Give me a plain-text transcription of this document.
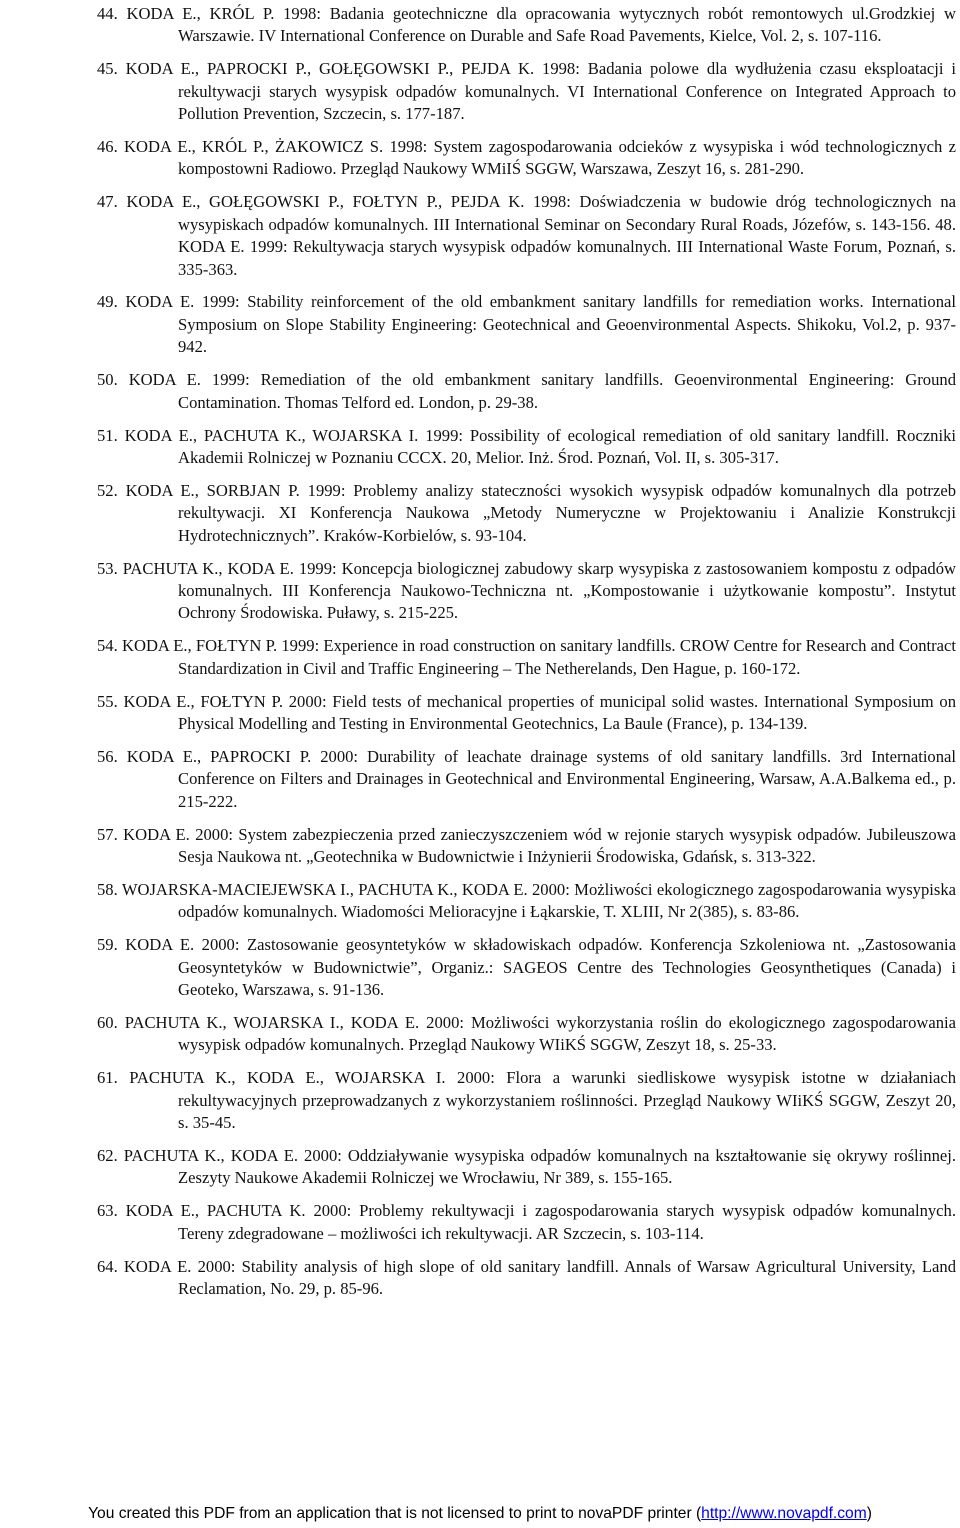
44. KODA E., KRÓL P. 1998: Badania geotechniczne dla opracowania wytycznych robót remontowych ul.Grodzkiej w Warszawie. IV International Conference on Durable and Safe Road Pavements, Kielce, Vol. 2, s. 107-116.
45. KODA E., PAPROCKI P., GOŁĘGOWSKI P., PEJDA K. 1998: Badania polowe dla wydłużenia czasu eksploatacji i rekultywacji starych wysypisk odpadów komunalnych. VI International Conference on Integrated Approach to Pollution Prevention, Szczecin, s. 177-187.
46. KODA E., KRÓL P., ŻAKOWICZ S. 1998: System zagospodarowania odcieków z wysypiska i wód technologicznych z kompostowni Radiowo. Przegląd Naukowy WMiIŚ SGGW, Warszawa, Zeszyt 16, s. 281-290.
47. KODA E., GOŁĘGOWSKI P., FOŁTYN P., PEJDA K. 1998: Doświadczenia w budowie dróg technologicznych na wysypiskach odpadów komunalnych. III International Seminar on Secondary Rural Roads, Józefów, s. 143-156. 48. KODA E. 1999: Rekultywacja starych wysypisk odpadów komunalnych. III International Waste Forum, Poznań, s. 335-363.
49. KODA E. 1999: Stability reinforcement of the old embankment sanitary landfills for remediation works. International Symposium on Slope Stability Engineering: Geotechnical and Geoenvironmental Aspects. Shikoku, Vol.2, p. 937-942.
50. KODA E. 1999: Remediation of the old embankment sanitary landfills. Geoenvironmental Engineering: Ground Contamination. Thomas Telford ed. London, p. 29-38.
51. KODA E., PACHUTA K., WOJARSKA I. 1999: Possibility of ecological remediation of old sanitary landfill. Roczniki Akademii Rolniczej w Poznaniu CCCX. 20, Melior. Inż. Środ. Poznań, Vol. II, s. 305-317.
52. KODA E., SORBJAN P. 1999: Problemy analizy stateczności wysokich wysypisk odpadów komunalnych dla potrzeb rekultywacji. XI Konferencja Naukowa „Metody Numeryczne w Projektowaniu i Analizie Konstrukcji Hydrotechnicznych”. Kraków-Korbielów, s. 93-104.
53. PACHUTA K., KODA E. 1999: Koncepcja biologicznej zabudowy skarp wysypiska z zastosowaniem kompostu z odpadów komunalnych. III Konferencja Naukowo-Techniczna nt. „Kompostowanie i użytkowanie kompostu”. Instytut Ochrony Środowiska. Puławy, s. 215-225.
54. KODA E., FOŁTYN P. 1999: Experience in road construction on sanitary landfills. CROW Centre for Research and Contract Standardization in Civil and Traffic Engineering – The Netherelands, Den Hague, p. 160-172.
55. KODA E., FOŁTYN P. 2000: Field tests of mechanical properties of municipal solid wastes. International Symposium on Physical Modelling and Testing in Environmental Geotechnics, La Baule (France), p. 134-139.
56. KODA E., PAPROCKI P. 2000: Durability of leachate drainage systems of old sanitary landfills. 3rd International Conference on Filters and Drainages in Geotechnical and Environmental Engineering, Warsaw, A.A.Balkema ed., p. 215-222.
57. KODA E. 2000: System zabezpieczenia przed zanieczyszczeniem wód w rejonie starych wysypisk odpadów. Jubileuszowa Sesja Naukowa nt. „Geotechnika w Budownictwie i Inżynierii Środowiska, Gdańsk, s. 313-322.
58. WOJARSKA-MACIEJEWSKA I., PACHUTA K., KODA E. 2000: Możliwości ekologicznego zagospodarowania wysypiska odpadów komunalnych. Wiadomości Melioracyjne i Łąkarskie, T. XLIII, Nr 2(385), s. 83-86.
59. KODA E. 2000: Zastosowanie geosyntetyków w składowiskach odpadów. Konferencja Szkoleniowa nt. „Zastosowania Geosyntetyków w Budownictwie”, Organiz.: SAGEOS Centre des Technologies Geosynthetiques (Canada) i Geoteko, Warszawa, s. 91-136.
60. PACHUTA K., WOJARSKA I., KODA E. 2000: Możliwości wykorzystania roślin do ekologicznego zagospodarowania wysypisk odpadów komunalnych. Przegląd Naukowy WIiKŚ SGGW, Zeszyt 18, s. 25-33.
61. PACHUTA K., KODA E., WOJARSKA I. 2000: Flora a warunki siedliskowe wysypisk istotne w działaniach rekultywacyjnych przeprowadzanych z wykorzystaniem roślinności. Przegląd Naukowy WIiKŚ SGGW, Zeszyt 20, s. 35-45.
62. PACHUTA K., KODA E. 2000: Oddziaływanie wysypiska odpadów komunalnych na kształtowanie się okrywy roślinnej. Zeszyty Naukowe Akademii Rolniczej we Wrocławiu, Nr 389, s. 155-165.
63. KODA E., PACHUTA K. 2000: Problemy rekultywacji i zagospodarowania starych wysypisk odpadów komunalnych. Tereny zdegradowane – możliwości ich rekultywacji. AR Szczecin, s. 103-114.
64. KODA E. 2000: Stability analysis of high slope of old sanitary landfill. Annals of Warsaw Agricultural University, Land Reclamation, No. 29, p. 85-96.
You created this PDF from an application that is not licensed to print to novaPDF printer (http://www.novapdf.com)
